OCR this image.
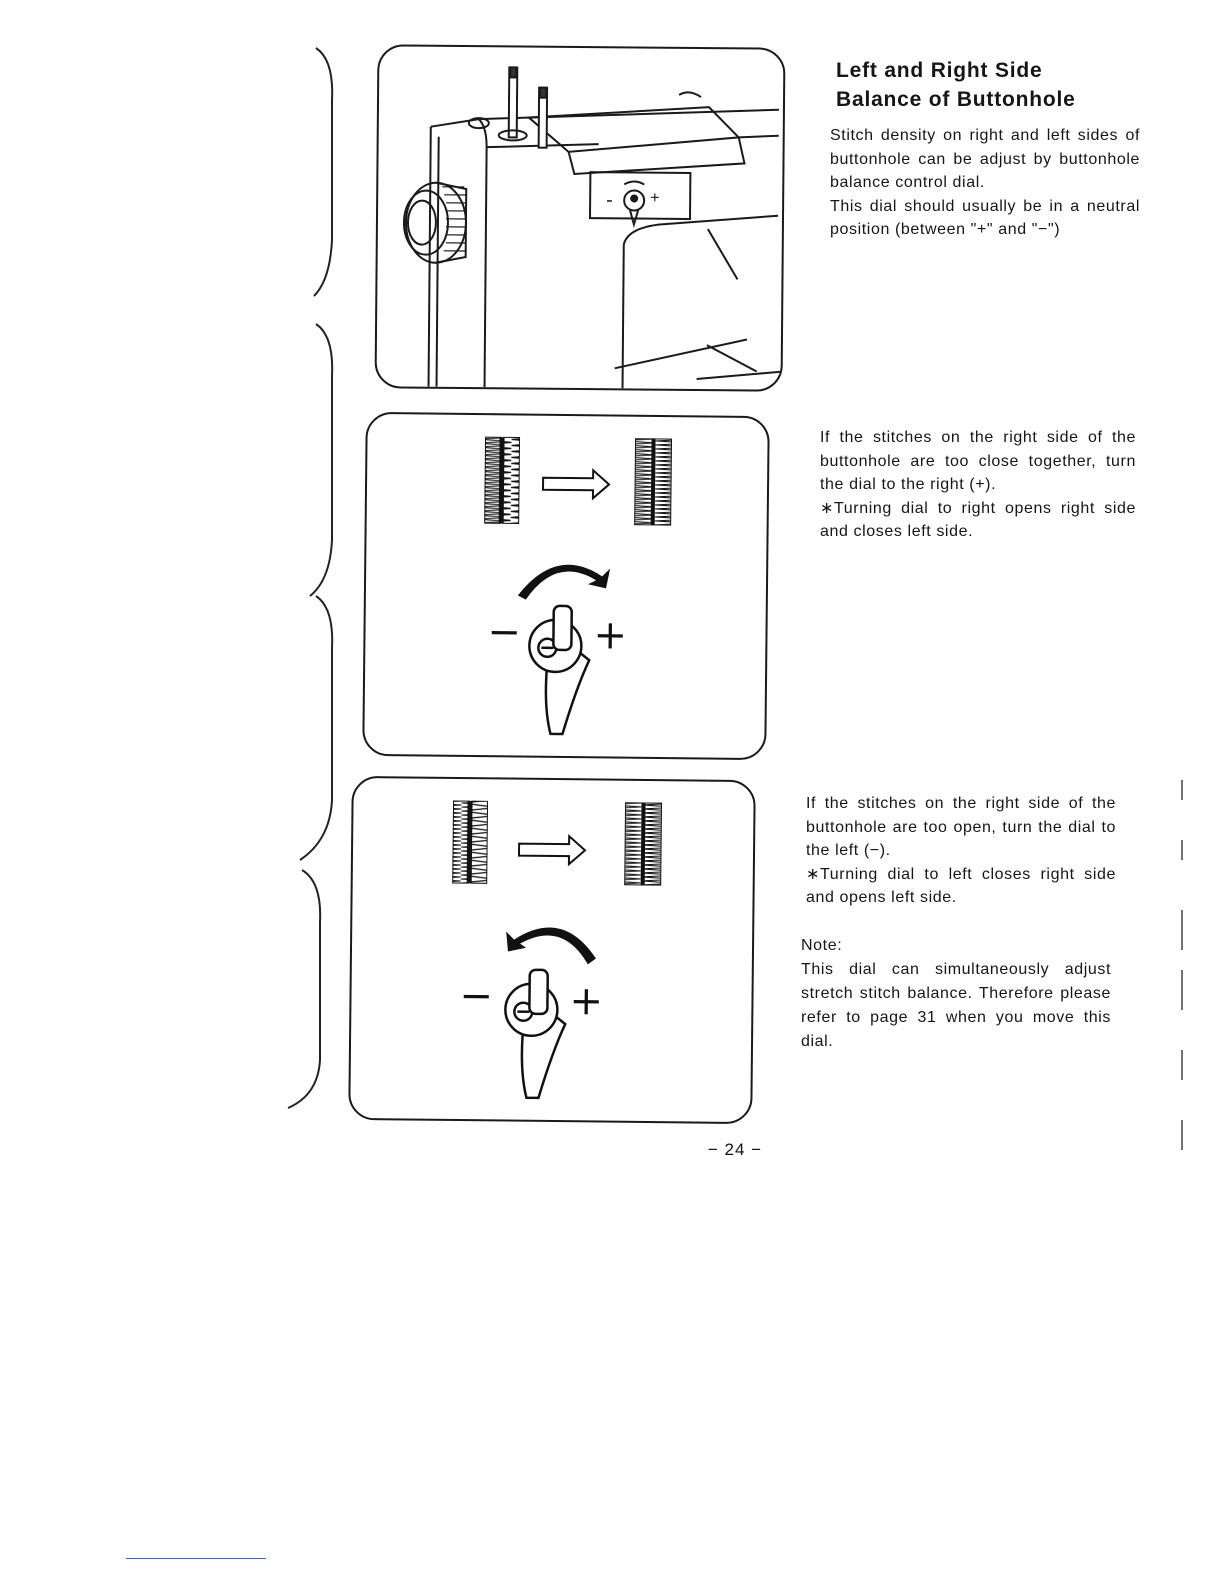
- +
− +
− +
Left and Right Side
Balance of Buttonhole

Stitch density on right and left sides of buttonhole can be adjust by buttonhole balance control dial.

This dial should usually be in a neutral position (between "+" and "−")

If the stitches on the right side of the buttonhole are too close together, turn the dial to the right (+).

∗Turning dial to right opens right side and closes left side.

If the stitches on the right side of the buttonhole are too open, turn the dial to the left (−).

∗Turning dial to left closes right side and opens left side.

Note:

This dial can simultaneously adjust stretch stitch balance. Therefore please refer to page 31 when you move this dial.

− 24 −
